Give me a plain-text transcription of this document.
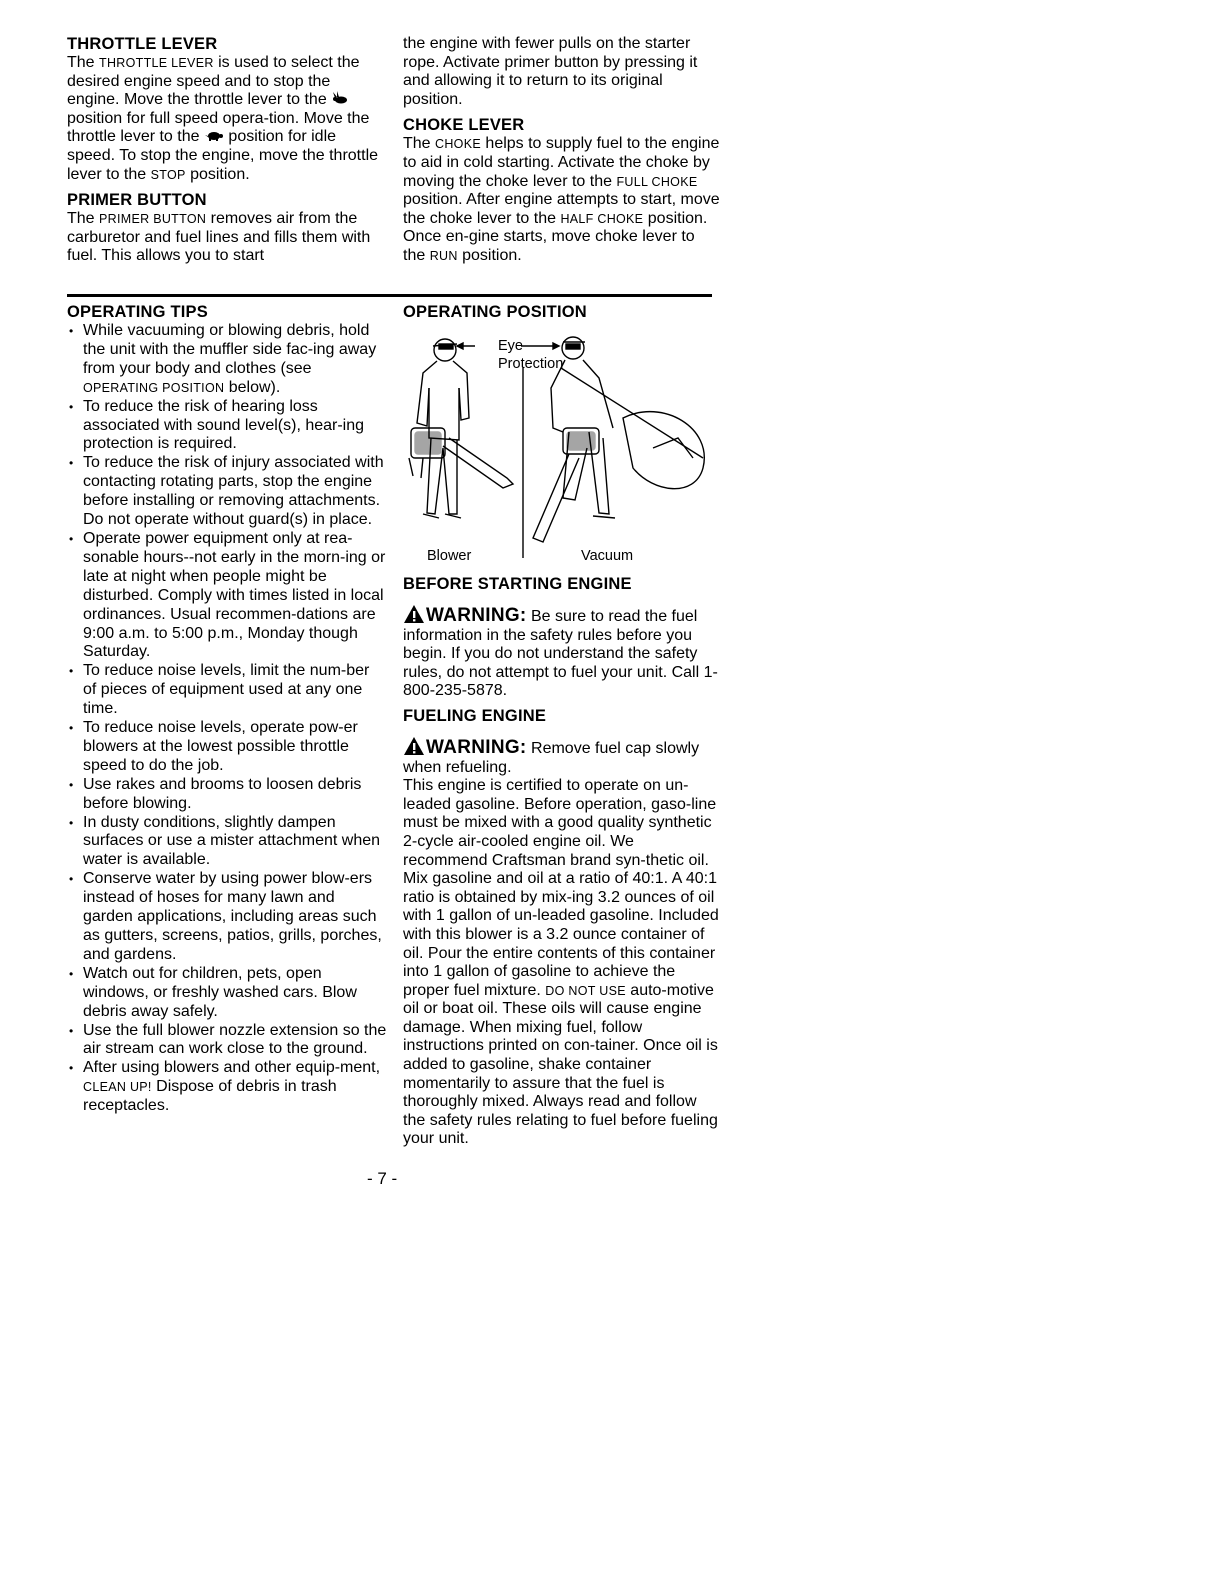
THROTTLE LEVER

The THROTTLE LEVER is used to select the desired engine speed and to stop the engine. Move the throttle lever to the  position for full speed opera-tion. Move the throttle lever to the  position for idle speed. To stop the engine, move the throttle lever to the STOP position.

PRIMER BUTTON

The PRIMER BUTTON removes air from the carburetor and fuel lines and fills them with fuel. This allows you to start

the engine with fewer pulls on the starter rope. Activate primer button by pressing it and allowing it to return to its original position.

CHOKE LEVER

The CHOKE helps to supply fuel to the engine to aid in cold starting. Activate the choke by moving the choke lever to the FULL CHOKE position. After engine attempts to start, move the choke lever to the HALF CHOKE position. Once en-gine starts, move choke lever to the RUN position.

OPERATING TIPS
• While vacuuming or blowing debris, hold the unit with the muffler side fac-ing away from your body and clothes (see OPERATING POSITION below).
• To reduce the risk of hearing loss associated with sound level(s), hear-ing protection is required.
• To reduce the risk of injury associated with contacting rotating parts, stop the engine before installing or removing attachments. Do not operate without guard(s) in place.
• Operate power equipment only at rea-sonable hours--not early in the morn-ing or late at night when people might be disturbed. Comply with times listed in local ordinances. Usual recommen-dations are 9:00 a.m. to 5:00 p.m., Monday though Saturday.
• To reduce noise levels, limit the num-ber of pieces of equipment used at any one time.
• To reduce noise levels, operate pow-er blowers at the lowest possible throttle speed to do the job.
• Use rakes and brooms to loosen debris before blowing.
• In dusty conditions, slightly dampen surfaces or use a mister attachment when water is available.
• Conserve water by using power blow-ers instead of hoses for many lawn and garden applications, including areas such as gutters, screens, patios, grills, porches, and gardens.
• Watch out for children, pets, open windows, or freshly washed cars. Blow debris away safely.
• Use the full blower nozzle extension so the air stream can work close to the ground.
• After using blowers and other equip-ment, CLEAN UP! Dispose of debris in trash receptacles.
OPERATING POSITION
Eye
Protection
Blower	Vacuum
BEFORE STARTING ENGINE

WARNING: Be sure to read the fuel information in the safety rules before you begin. If you do not understand the safety rules, do not attempt to fuel your unit. Call 1-800-235-5878.

FUELING ENGINE

WARNING: Remove fuel cap slowly when refueling.

This engine is certified to operate on un-leaded gasoline. Before operation, gaso-line must be mixed with a good quality synthetic 2-cycle air-cooled engine oil. We recommend Craftsman brand syn-thetic oil. Mix gasoline and oil at a ratio of 40:1. A 40:1 ratio is obtained by mix-ing 3.2 ounces of oil with 1 gallon of un-leaded gasoline. Included with this blower is a 3.2 ounce container of oil. Pour the entire contents of this container into 1 gallon of gasoline to achieve the proper fuel mixture. DO NOT USE auto-motive oil or boat oil. These oils will cause engine damage. When mixing fuel, follow instructions printed on con-tainer. Once oil is added to gasoline, shake container momentarily to assure that the fuel is thoroughly mixed. Always read and follow the safety rules relating to fuel before fueling your unit.

- 7 -
